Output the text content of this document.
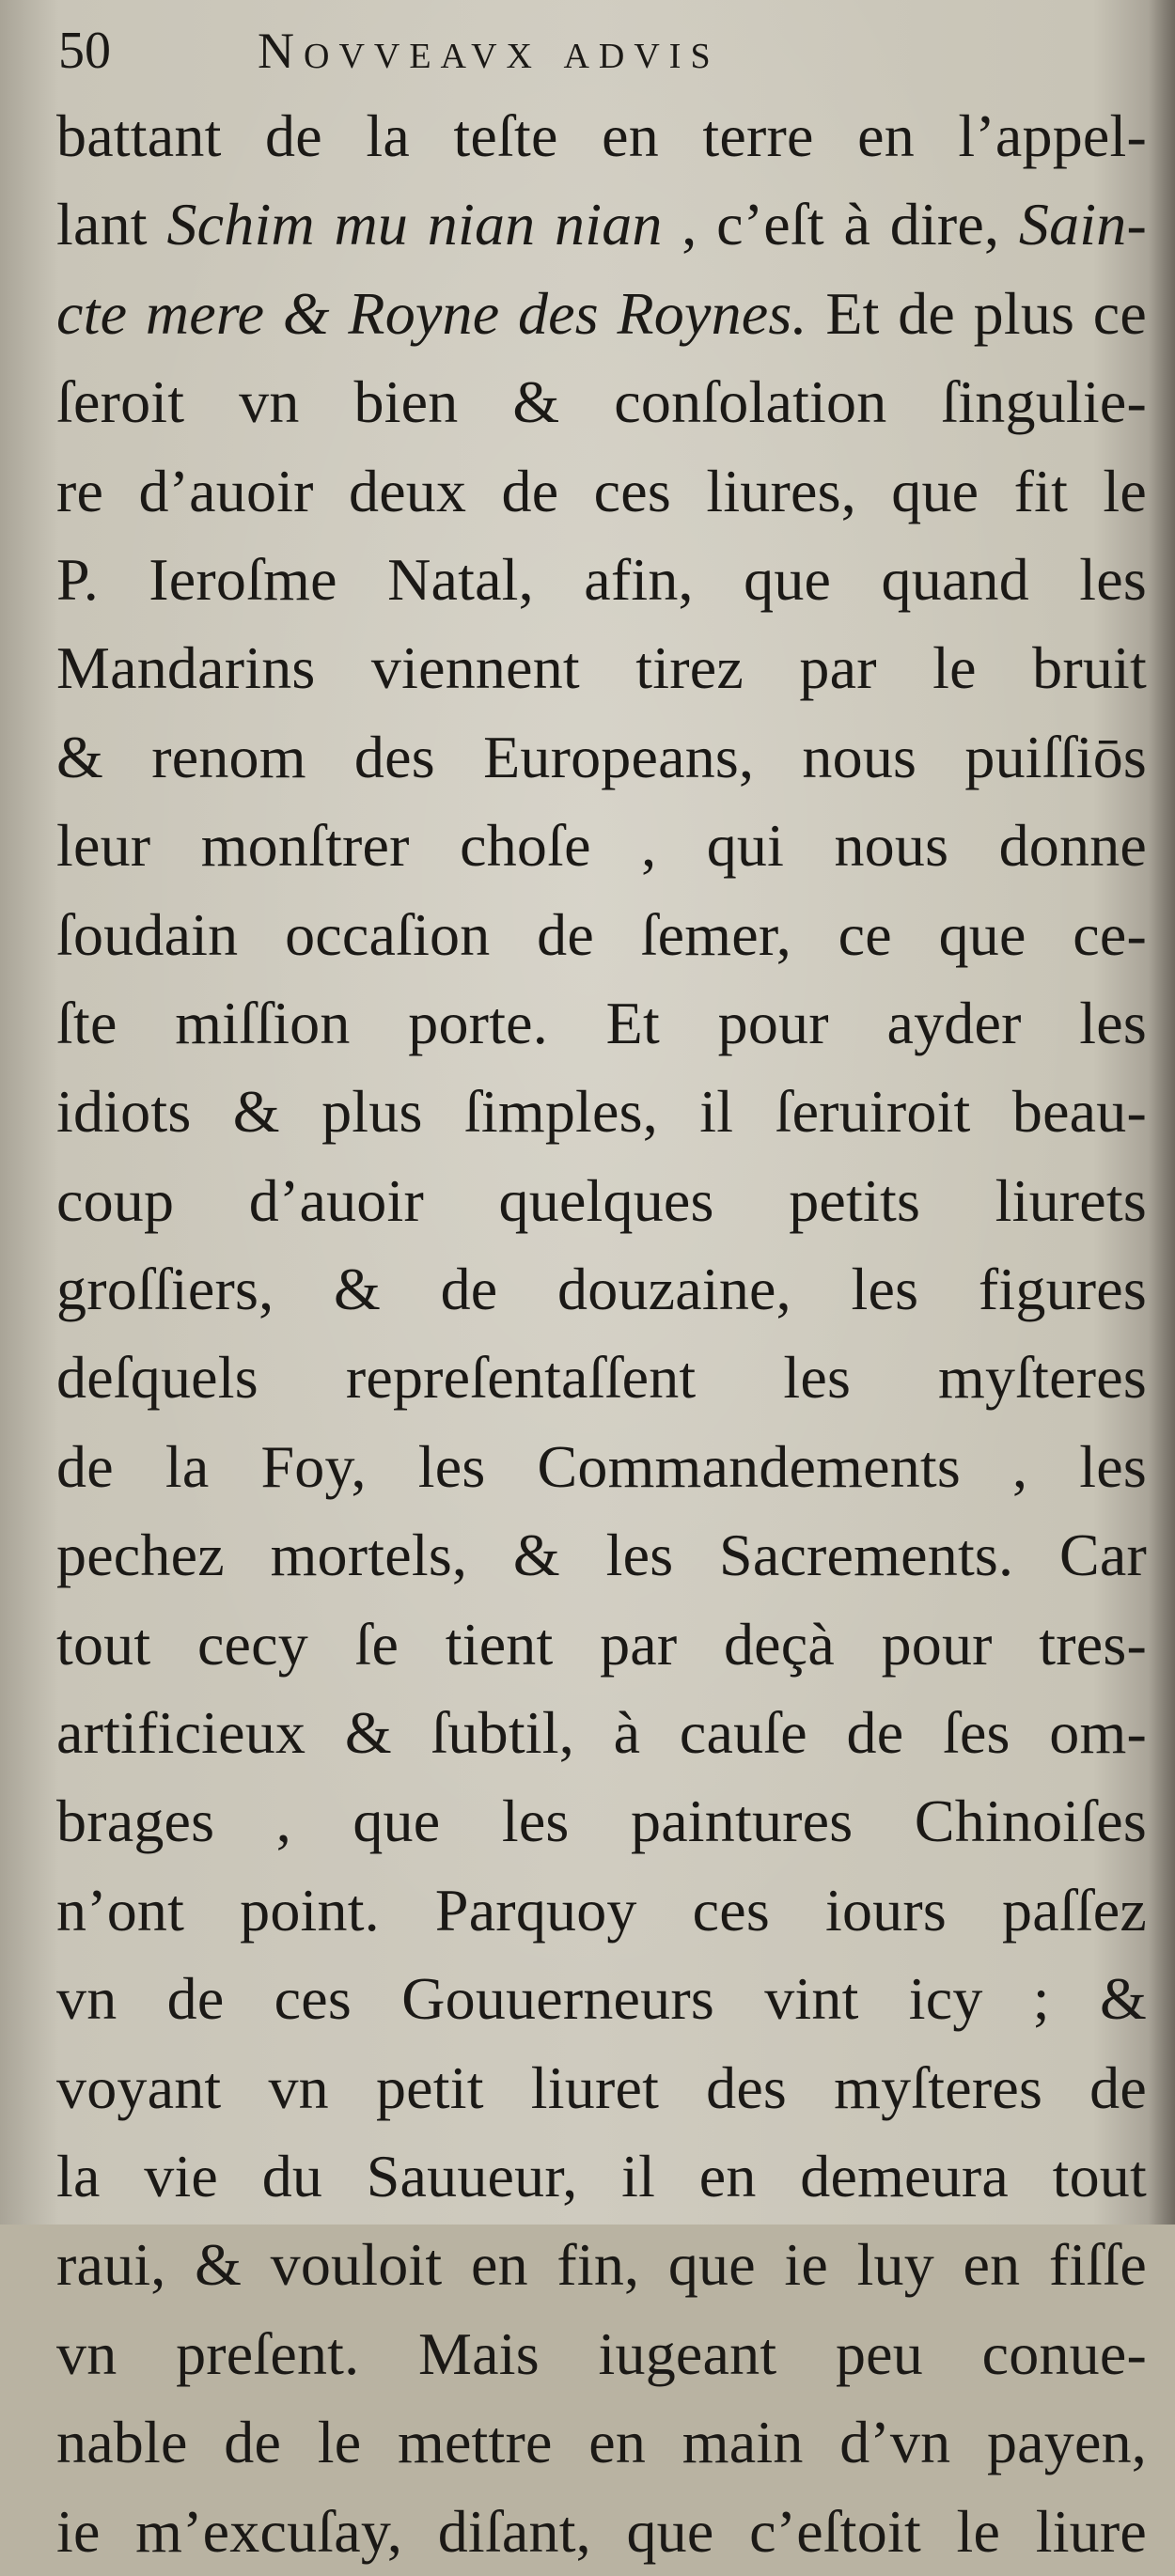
50	Novveavx advis
battant de la teſte en terre en l’appel-
lant Schim mu nian nian , c’eſt à dire, Sain-
cte mere & Royne des Roynes. Et de plus ce
ſeroit vn bien & conſolation ſingulie-
re d’auoir deux de ces liures, que fit le
P. Ieroſme Natal, afin, que quand les
Mandarins viennent tirez par le bruit
& renom des Europeans, nous puiſſiōs
leur monſtrer choſe , qui nous donne
ſoudain occaſion de ſemer, ce que ce-
ſte miſſion porte. Et pour ayder les
idiots & plus ſimples, il ſeruiroit beau-
coup d’auoir quelques petits liurets
groſſiers, & de douzaine, les figures
deſquels repreſentaſſent les myſteres
de la Foy, les Commandements , les
pechez mortels, & les Sacrements. Car
tout cecy ſe tient par deçà pour tres-
artificieux & ſubtil, à cauſe de ſes om-
brages , que les paintures Chinoiſes
n’ont point. Parquoy ces iours paſſez
vn de ces Gouuerneurs vint icy ; &
voyant vn petit liuret des myſteres de
la vie du Sauueur, il en demeura tout
raui, & vouloit en fin, que ie luy en fiſſe
vn preſent. Mais iugeant peu conue-
nable de le mettre en main d’vn payen,
ie m’excuſay, diſant, que c’eſtoit le liure
